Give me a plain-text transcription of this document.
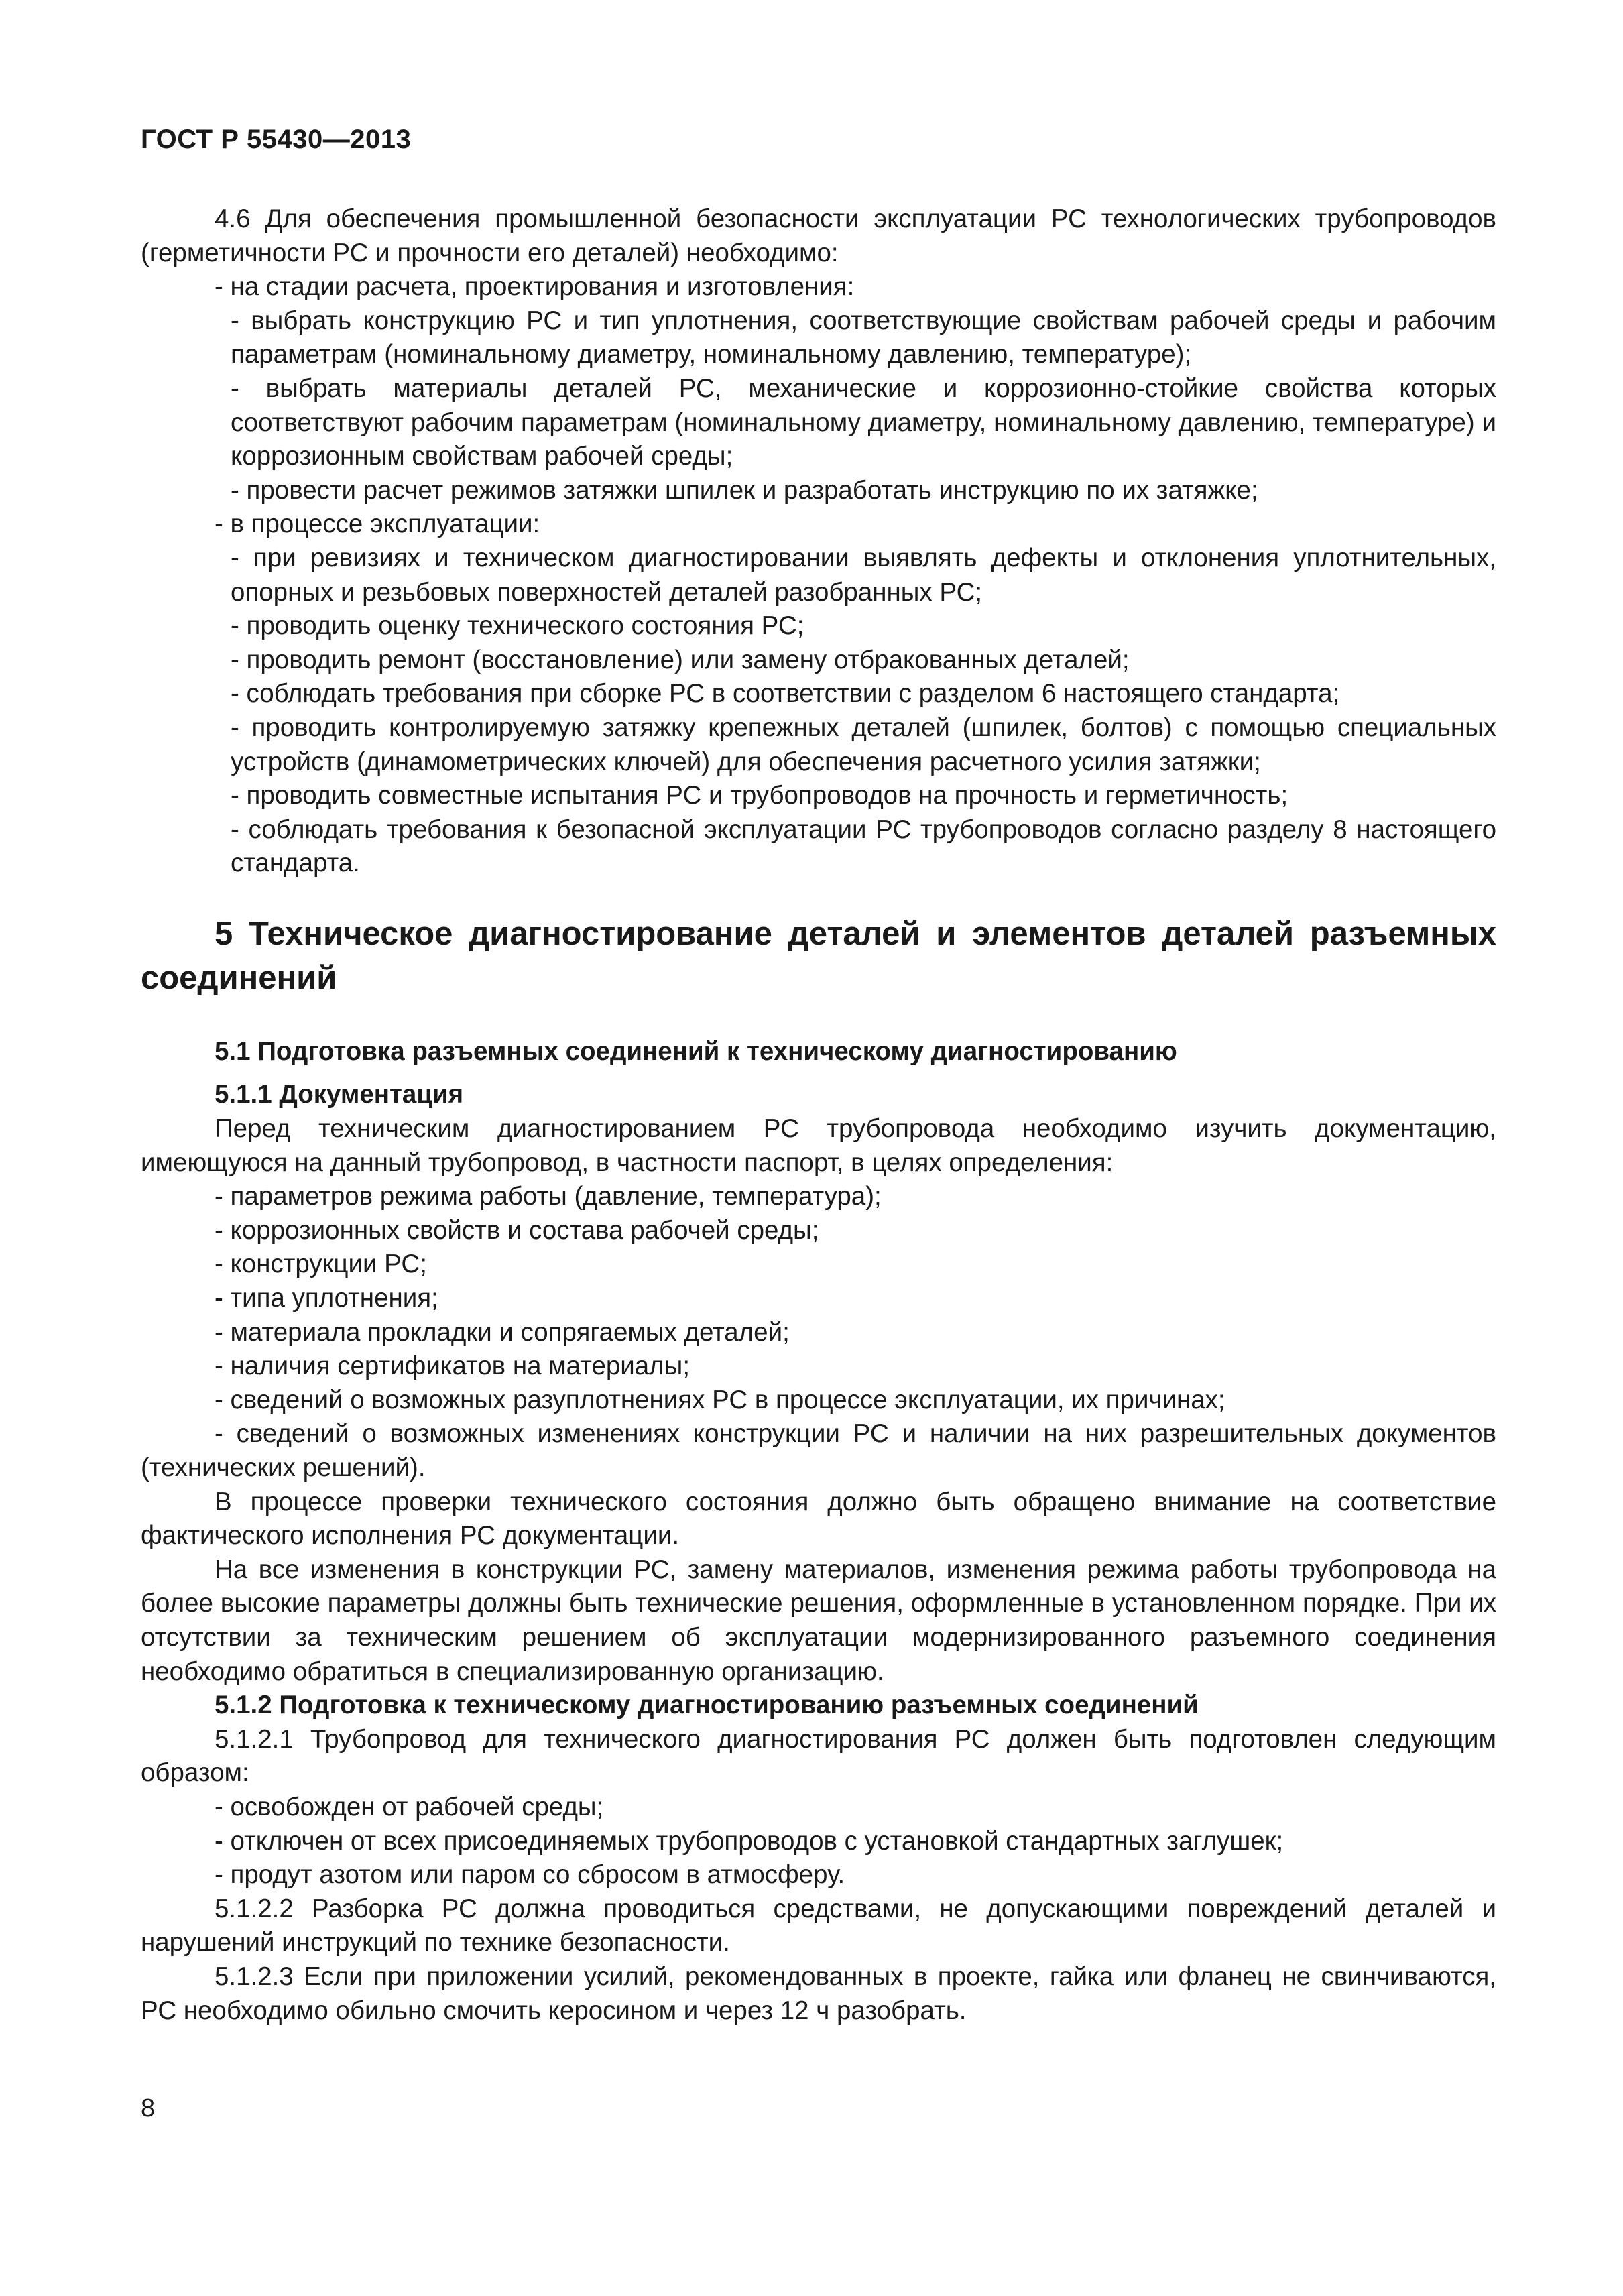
ГОСТ Р 55430—2013

4.6 Для обеспечения промышленной безопасности эксплуатации РС технологических трубопроводов (герметичности РС и прочности его деталей) необходимо:

- на стадии расчета, проектирования и изготовления:

- выбрать конструкцию РС и тип уплотнения, соответствующие свойствам рабочей среды и рабочим параметрам (номинальному диаметру, номинальному давлению, температуре);

- выбрать материалы деталей РС, механические и коррозионно-стойкие свойства которых соответствуют рабочим параметрам (номинальному диаметру, номинальному давлению, температуре) и коррозионным свойствам рабочей среды;

- провести расчет режимов затяжки шпилек и разработать инструкцию по их затяжке;

- в процессе эксплуатации:

- при ревизиях и техническом диагностировании выявлять дефекты и отклонения уплотнительных, опорных и резьбовых поверхностей деталей разобранных РС;

- проводить оценку технического состояния РС;

- проводить ремонт (восстановление) или замену отбракованных деталей;

- соблюдать требования при сборке РС в соответствии с разделом 6 настоящего стандарта;

- проводить контролируемую затяжку крепежных деталей (шпилек, болтов) с помощью специальных устройств (динамометрических ключей) для обеспечения расчетного усилия затяжки;

- проводить совместные испытания РС и трубопроводов на прочность и герметичность;

- соблюдать требования к безопасной эксплуатации РС трубопроводов согласно разделу 8 настоящего стандарта.

5 Техническое диагностирование деталей и элементов деталей разъемных соединений

5.1 Подготовка разъемных соединений к техническому диагностированию

5.1.1 Документация

Перед техническим диагностированием РС трубопровода необходимо изучить документацию, имеющуюся на данный трубопровод, в частности паспорт, в целях определения:

- параметров режима работы (давление, температура);

- коррозионных свойств и состава рабочей среды;

- конструкции РС;

- типа уплотнения;

- материала прокладки и сопрягаемых деталей;

- наличия сертификатов на материалы;

- сведений о возможных разуплотнениях РС в процессе эксплуатации, их причинах;

- сведений о возможных изменениях конструкции РС и наличии на них разрешительных документов (технических решений).

В процессе проверки технического состояния должно быть обращено внимание на соответствие фактического исполнения РС документации.

На все изменения в конструкции РС, замену материалов, изменения режима работы трубопровода на более высокие параметры должны быть технические решения, оформленные в установленном порядке. При их отсутствии за техническим решением об эксплуатации модернизированного разъемного соединения необходимо обратиться в специализированную организацию.

5.1.2 Подготовка к техническому диагностированию разъемных соединений

5.1.2.1 Трубопровод для технического диагностирования РС должен быть подготовлен следующим образом:

- освобожден от рабочей среды;

- отключен от всех присоединяемых трубопроводов с установкой стандартных заглушек;

- продут азотом или паром со сбросом в атмосферу.

5.1.2.2 Разборка РС должна проводиться средствами, не допускающими повреждений деталей и нарушений инструкций по технике безопасности.

5.1.2.3 Если при приложении усилий, рекомендованных в проекте, гайка или фланец не свинчиваются, РС необходимо обильно смочить керосином и через 12 ч разобрать.

8
